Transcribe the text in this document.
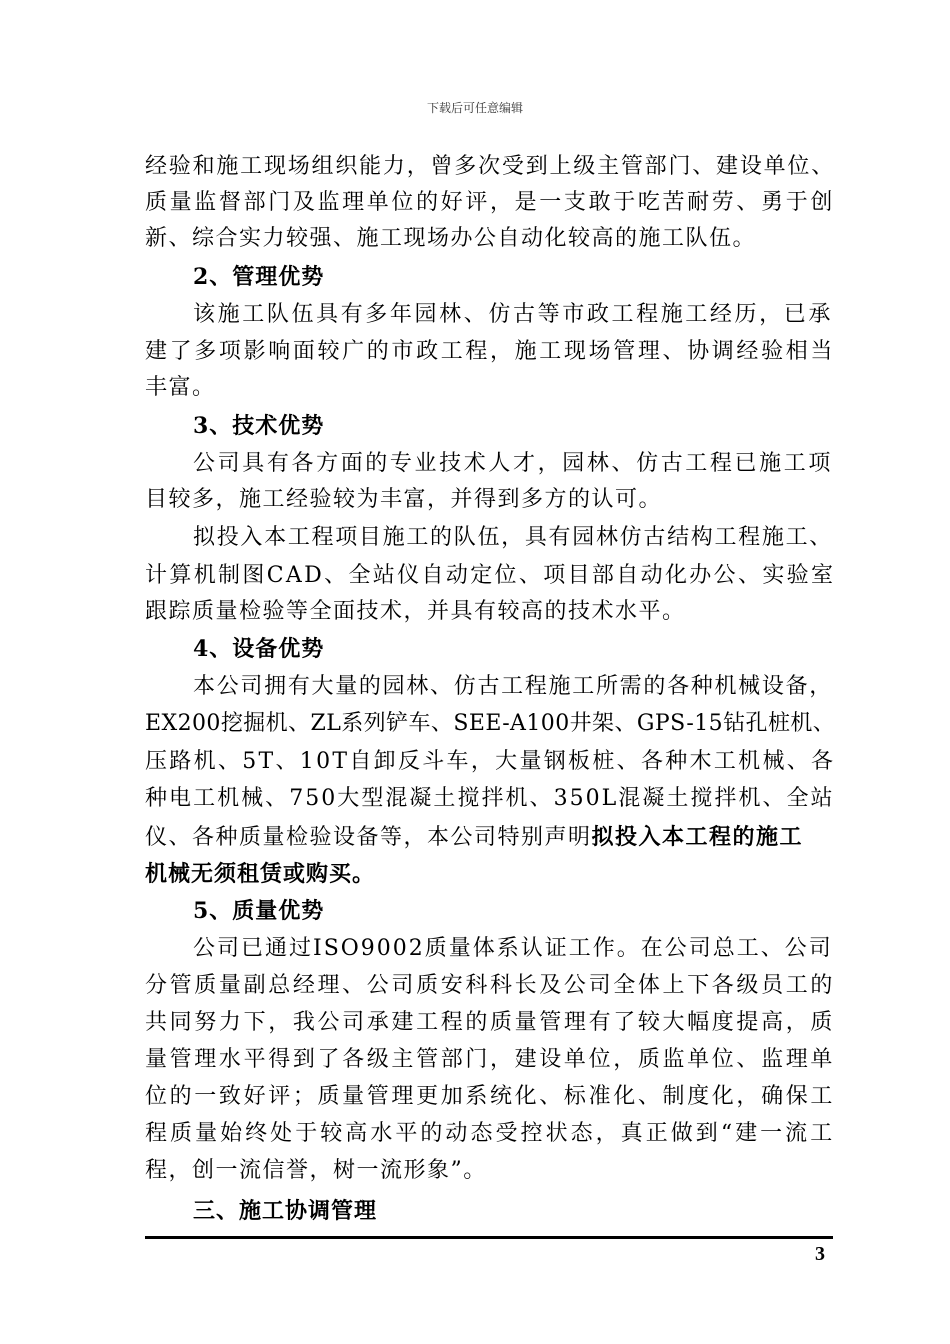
下载后可任意编辑
经验和施工现场组织能力，曾多次受到上级主管部门、建设单位、
质量监督部门及监理单位的好评，是一支敢于吃苦耐劳、勇于创
新、综合实力较强、施工现场办公自动化较高的施工队伍。
2、管理优势
该施工队伍具有多年园林、仿古等市政工程施工经历，已承
建了多项影响面较广的市政工程，施工现场管理、协调经验相当
丰富。
3、技术优势
公司具有各方面的专业技术人才，园林、仿古工程已施工项
目较多，施工经验较为丰富，并得到多方的认可。
拟投入本工程项目施工的队伍，具有园林仿古结构工程施工、
计算机制图CAD、全站仪自动定位、项目部自动化办公、实验室
跟踪质量检验等全面技术，并具有较高的技术水平。
4、设备优势
本公司拥有大量的园林、仿古工程施工所需的各种机械设备，
EX200挖掘机、ZL系列铲车、SEE-A100井架、GPS-15钻孔桩机、
压路机、5T、10T自卸反斗车，大量钢板桩、各种木工机械、各
种电工机械、750大型混凝土搅拌机、350L混凝土搅拌机、全站
仪、各种质量检验设备等，本公司特别声明拟投入本工程的施工
机械无须租赁或购买。
5、质量优势
公司已通过ISO9002质量体系认证工作。在公司总工、公司
分管质量副总经理、公司质安科科长及公司全体上下各级员工的
共同努力下，我公司承建工程的质量管理有了较大幅度提高，质
量管理水平得到了各级主管部门，建设单位，质监单位、监理单
位的一致好评；质量管理更加系统化、标准化、制度化，确保工
程质量始终处于较高水平的动态受控状态，真正做到“建一流工
程，创一流信誉，树一流形象”。
三、施工协调管理
3
